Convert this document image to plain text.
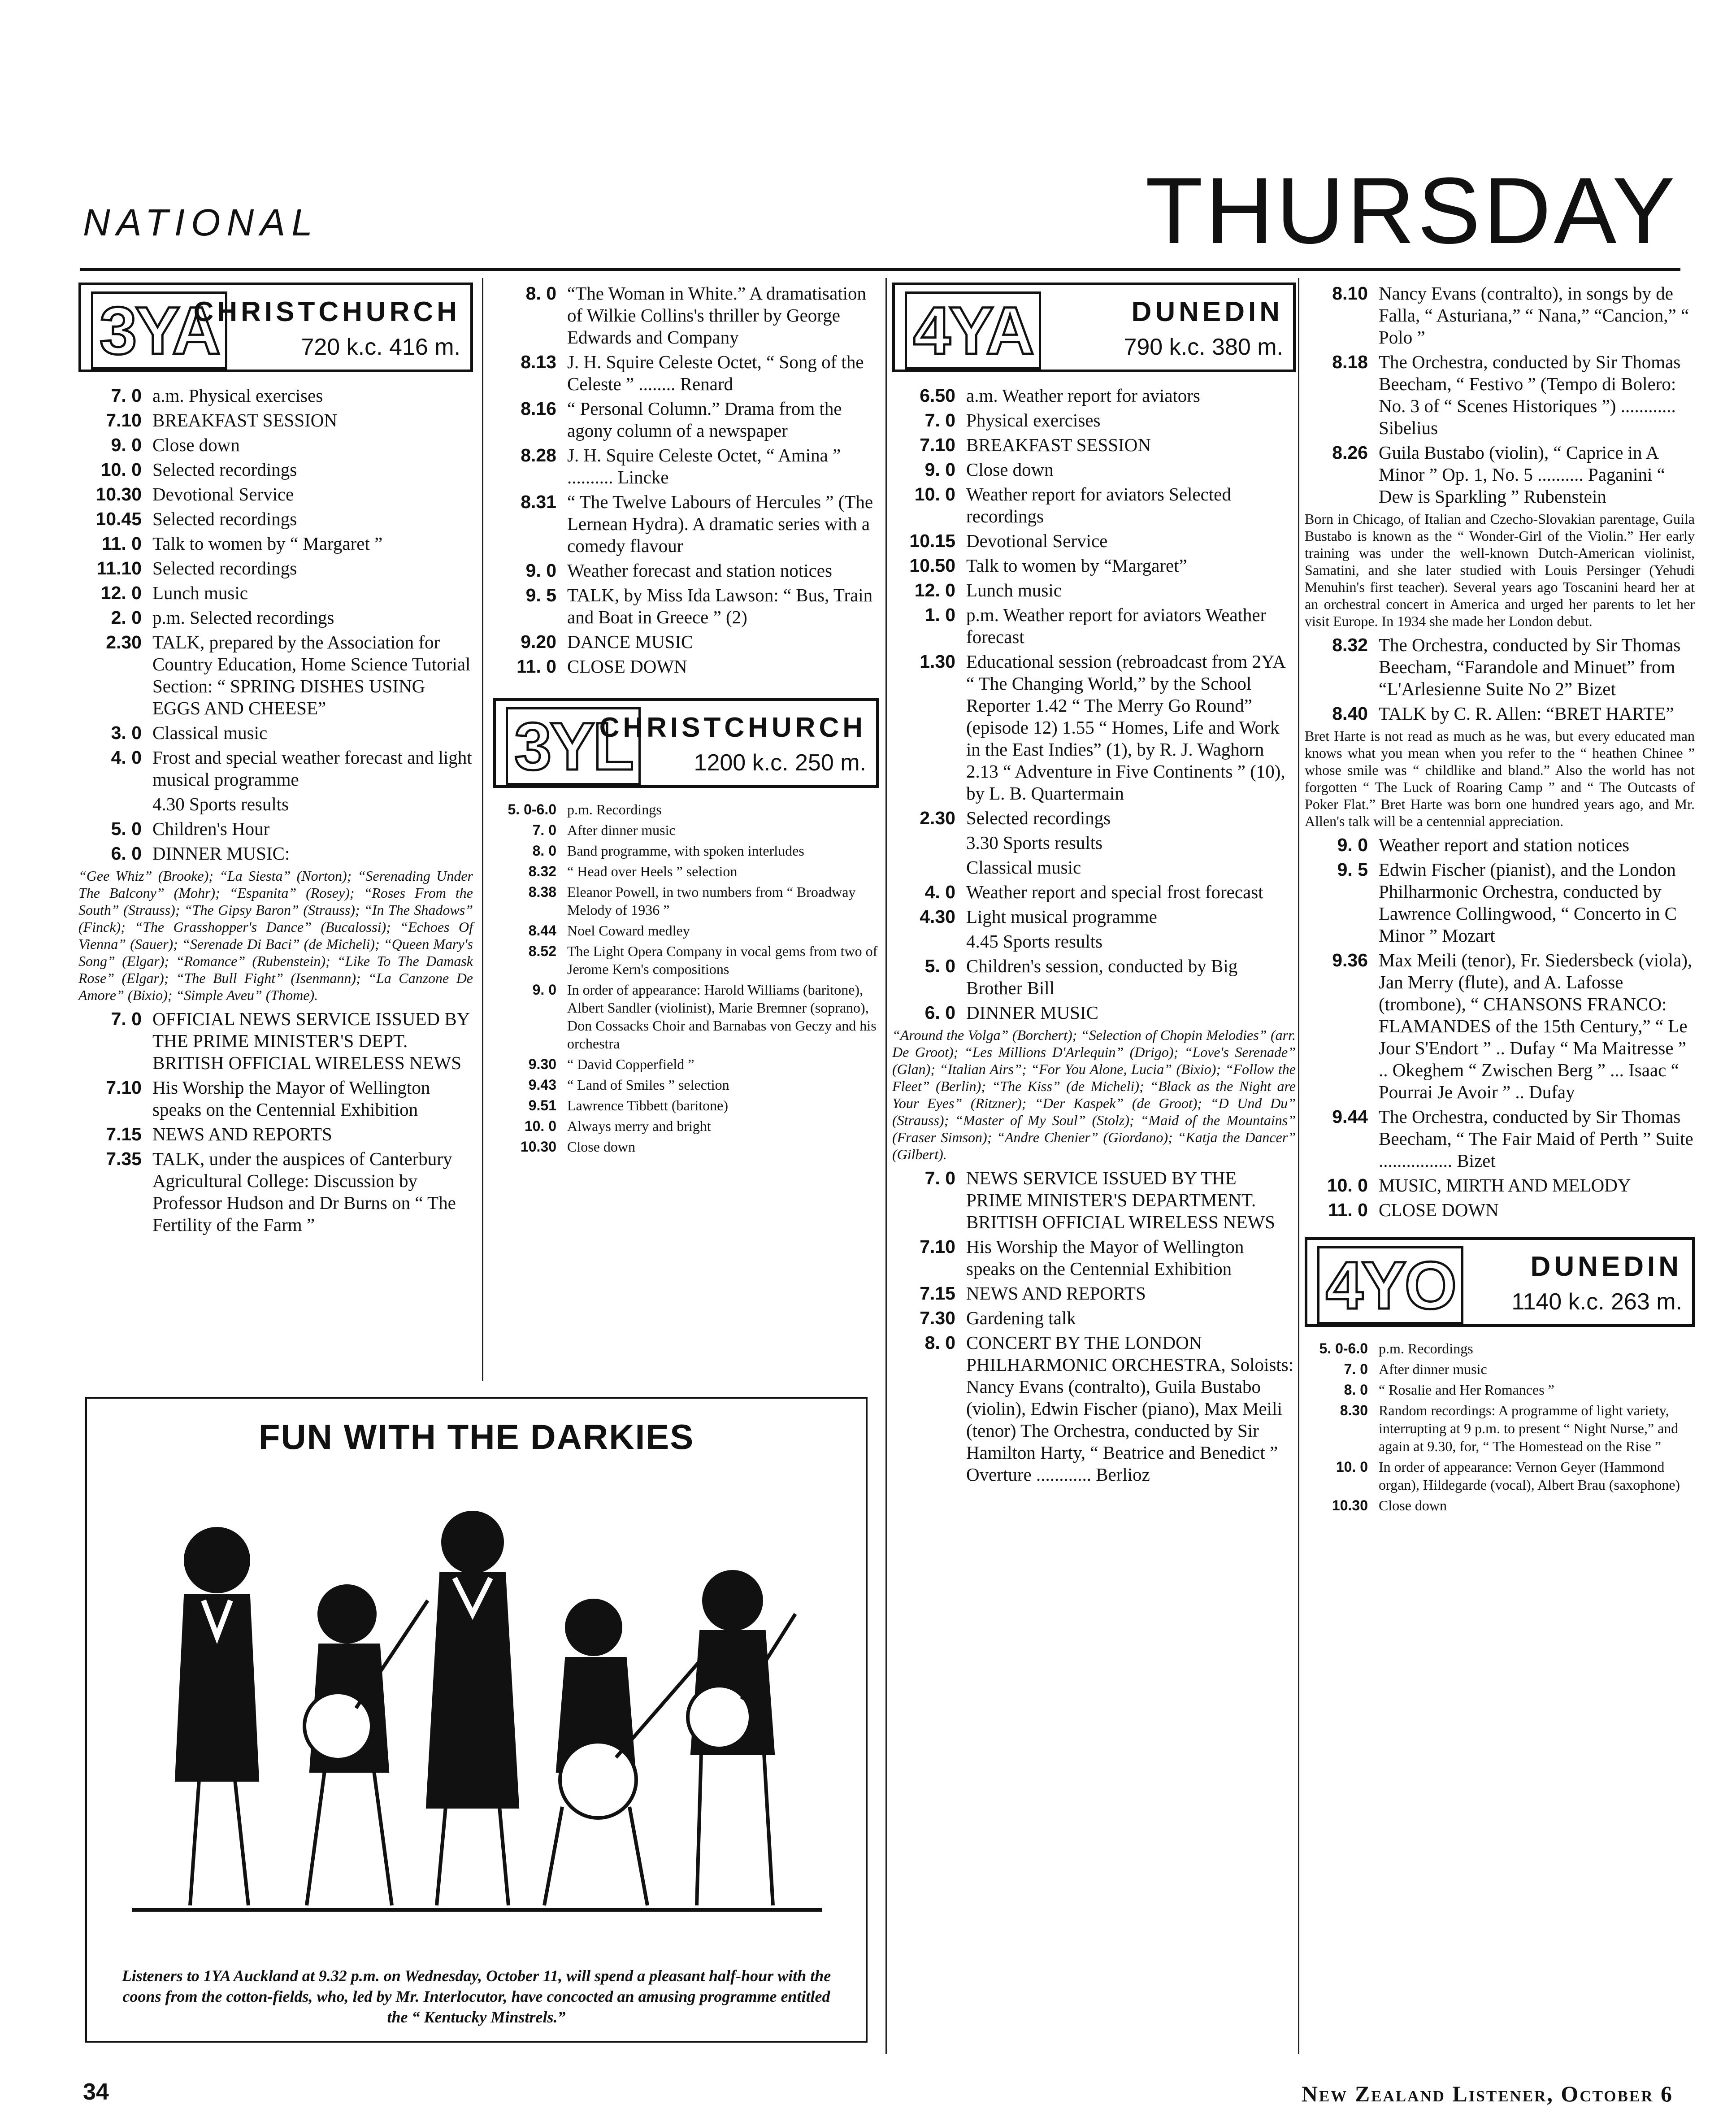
NATIONAL	THURSDAY
3YA
CHRISTCHURCH
720 k.c. 416 m.
7. 0 a.m. Physical exercises
7.10 BREAKFAST SESSION
9. 0 Close down
10. 0 Selected recordings
10.30 Devotional Service
10.45 Selected recordings
11. 0 Talk to women by “ Margaret ”
11.10 Selected recordings
12. 0 Lunch music
2. 0 p.m. Selected recordings
2.30 TALK, prepared by the Association for Country Education, Home Science Tutorial Section: “ SPRING DISHES USING EGGS AND CHEESE”
3. 0 Classical music
4. 0 Frost and special weather forecast and light musical programme
4.30 Sports results
5. 0 Children's Hour
6. 0 DINNER MUSIC:
“Gee Whiz” (Brooke); “La Siesta” (Norton); “Serenading Under The Balcony” (Mohr); “Espanita” (Rosey); “Roses From the South” (Strauss); “The Gipsy Baron” (Strauss); “In The Shadows” (Finck); “The Grasshopper's Dance” (Bucalossi); “Echoes Of Vienna” (Sauer); “Serenade Di Baci” (de Micheli); “Queen Mary's Song” (Elgar); “Romance” (Rubenstein); “Like To The Damask Rose” (Elgar); “The Bull Fight” (Isenmann); “La Canzone De Amore” (Bixio); “Simple Aveu” (Thome).
7. 0 OFFICIAL NEWS SERVICE ISSUED BY THE PRIME MINISTER'S DEPT. BRITISH OFFICIAL WIRELESS NEWS
7.10 His Worship the Mayor of Wellington speaks on the Centennial Exhibition
7.15 NEWS AND REPORTS
7.35 TALK, under the auspices of Canterbury Agricultural College: Discussion by Professor Hudson and Dr Burns on “ The Fertility of the Farm ”
8. 0 “The Woman in White.” A dramatisation of Wilkie Collins's thriller by George Edwards and Company
8.13 J. H. Squire Celeste Octet, “ Song of the Celeste ” ........ Renard
8.16 “ Personal Column.” Drama from the agony column of a newspaper
8.28 J. H. Squire Celeste Octet, “ Amina ” .......... Lincke
8.31 “ The Twelve Labours of Hercules ” (The Lernean Hydra). A dramatic series with a comedy flavour
9. 0 Weather forecast and station notices
9. 5 TALK, by Miss Ida Lawson: “ Bus, Train and Boat in Greece ” (2)
9.20 DANCE MUSIC
11. 0 CLOSE DOWN
3YL
CHRISTCHURCH
1200 k.c. 250 m.
5. 0-6.0 p.m. Recordings
7. 0 After dinner music
8. 0 Band programme, with spoken interludes
8.32 “ Head over Heels ” selection
8.38 Eleanor Powell, in two numbers from “ Broadway Melody of 1936 ”
8.44 Noel Coward medley
8.52 The Light Opera Company in vocal gems from two of Jerome Kern's compositions
9. 0 In order of appearance: Harold Williams (baritone), Albert Sandler (violinist), Marie Bremner (soprano), Don Cossacks Choir and Barnabas von Geczy and his orchestra
9.30 “ David Copperfield ”
9.43 “ Land of Smiles ” selection
9.51 Lawrence Tibbett (baritone)
10. 0 Always merry and bright
10.30 Close down
4YA	DUNEDIN
790 k.c. 380 m.
6.50 a.m. Weather report for aviators
7. 0 Physical exercises
7.10 BREAKFAST SESSION
9. 0 Close down
10. 0 Weather report for aviators Selected recordings
10.15 Devotional Service
10.50 Talk to women by “Margaret”
12. 0 Lunch music
1. 0 p.m. Weather report for aviators Weather forecast
1.30 Educational session (rebroadcast from 2YA “ The Changing World,” by the School Reporter 1.42 “ The Merry Go Round” (episode 12) 1.55 “ Homes, Life and Work in the East Indies” (1), by R. J. Waghorn 2.13 “ Adventure in Five Continents ” (10), by L. B. Quartermain
2.30 Selected recordings
3.30 Sports results
Classical music
4. 0 Weather report and special frost forecast
4.30 Light musical programme
4.45 Sports results
5. 0 Children's session, conducted by Big Brother Bill
6. 0 DINNER MUSIC
“Around the Volga” (Borchert); “Selection of Chopin Melodies” (arr. De Groot); “Les Millions D'Arlequin” (Drigo); “Love's Serenade” (Glan); “Italian Airs”; “For You Alone, Lucia” (Bixio); “Follow the Fleet” (Berlin); “The Kiss” (de Micheli); “Black as the Night are Your Eyes” (Ritzner); “Der Kaspek” (de Groot); “D Und Du” (Strauss); “Master of My Soul” (Stolz); “Maid of the Mountains” (Fraser Simson); “Andre Chenier” (Giordano); “Katja the Dancer” (Gilbert).
7. 0 NEWS SERVICE ISSUED BY THE PRIME MINISTER'S DEPARTMENT. BRITISH OFFICIAL WIRELESS NEWS
7.10 His Worship the Mayor of Wellington speaks on the Centennial Exhibition
7.15 NEWS AND REPORTS
7.30 Gardening talk
8. 0 CONCERT BY THE LONDON PHILHARMONIC ORCHESTRA, Soloists: Nancy Evans (contralto), Guila Bustabo (violin), Edwin Fischer (piano), Max Meili (tenor) The Orchestra, conducted by Sir Hamilton Harty, “ Beatrice and Benedict ” Overture ............ Berlioz
8.10 Nancy Evans (contralto), in songs by de Falla, “ Asturiana,” “ Nana,” “Cancion,” “ Polo ”
8.18 The Orchestra, conducted by Sir Thomas Beecham, “ Festivo ” (Tempo di Bolero: No. 3 of “ Scenes Historiques ”) ............ Sibelius
8.26 Guila Bustabo (violin), “ Caprice in A Minor ” Op. 1, No. 5 .......... Paganini “ Dew is Sparkling ” Rubenstein
Born in Chicago, of Italian and Czecho-Slovakian parentage, Guila Bustabo is known as the “ Wonder-Girl of the Violin.” Her early training was under the well-known Dutch-American violinist, Samatini, and she later studied with Louis Persinger (Yehudi Menuhin's first teacher). Several years ago Toscanini heard her at an orchestral concert in America and urged her parents to let her visit Europe. In 1934 she made her London debut.
8.32 The Orchestra, conducted by Sir Thomas Beecham, “Farandole and Minuet” from “L'Arlesienne Suite No 2” Bizet
8.40 TALK by C. R. Allen: “BRET HARTE”
Bret Harte is not read as much as he was, but every educated man knows what you mean when you refer to the “ heathen Chinee ” whose smile was “ childlike and bland.” Also the world has not forgotten “ The Luck of Roaring Camp ” and “ The Outcasts of Poker Flat.” Bret Harte was born one hundred years ago, and Mr. Allen's talk will be a centennial appreciation.
9. 0 Weather report and station notices
9. 5 Edwin Fischer (pianist), and the London Philharmonic Orchestra, conducted by Lawrence Collingwood, “ Concerto in C Minor ” Mozart
9.36 Max Meili (tenor), Fr. Siedersbeck (viola), Jan Merry (flute), and A. Lafosse (trombone), “ CHANSONS FRANCO: FLAMANDES of the 15th Century,” “ Le Jour S'Endort ” .. Dufay “ Ma Maitresse ” .. Okeghem “ Zwischen Berg ” ... Isaac “ Pourrai Je Avoir ” .. Dufay
9.44 The Orchestra, conducted by Sir Thomas Beecham, “ The Fair Maid of Perth ” Suite ................ Bizet
10. 0 MUSIC, MIRTH AND MELODY
11. 0 CLOSE DOWN
4YO	DUNEDIN
1140 k.c. 263 m.
5. 0-6.0 p.m. Recordings
7. 0 After dinner music
8. 0 “ Rosalie and Her Romances ”
8.30 Random recordings: A programme of light variety, interrupting at 9 p.m. to present “ Night Nurse,” and again at 9.30, for, “ The Homestead on the Rise ”
10. 0 In order of appearance: Vernon Geyer (Hammond organ), Hildegarde (vocal), Albert Brau (saxophone)
10.30 Close down
FUN WITH THE DARKIES
Listeners to 1YA Auckland at 9.32 p.m. on Wednesday, October 11, will spend a pleasant half-hour with the coons from the cotton-fields, who, led by Mr. Interlocutor, have concocted an amusing programme entitled the “ Kentucky Minstrels.”
34	New Zealand Listener, October 6
